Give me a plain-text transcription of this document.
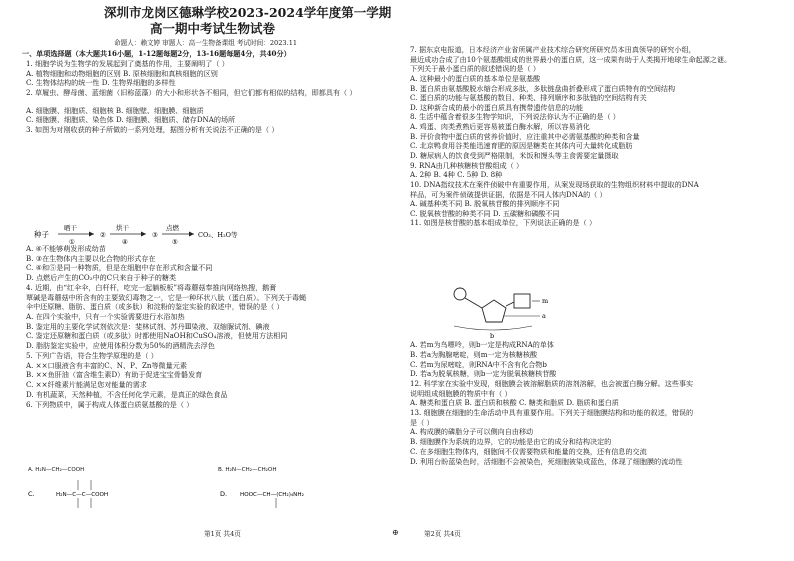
深圳市龙岗区德琳学校2023-2024学年度第一学期
高一期中考试生物试卷
命题人：赖文婷 审题人：高一生物备课组 考试时间：2023.11
一、单项选择题（本大题共16小题，1-12题每题2分，13-16题每题4分，共40分）
1. 细胞学说为生物学的发展起到了奠基的作用，主要阐明了（ ）
A. 植物细胞和动物细胞的区别 B. 原核细胞和真核细胞的区别
C. 生物体结构的统一性 D. 生物界细胞的多样性
2. 草履虫、酵母菌、蓝细菌（旧称蓝藻）的大小和形状各不相同，但它们都有相似的结构，即都具有（ ）
A. 细胞膜、细胞质、细胞核 B. 细胞壁、细胞膜、细胞质
C. 细胞膜、细胞质、染色体 D. 细胞膜、细胞质、储存DNA的场所
3. 如图为对刚收获的种子所做的一系列处理，据图分析有关说法不正确的是（ ）
A. ④不能够萌发形成幼苗
B. ③在生物体内主要以化合物的形式存在
C. ④和⑤是同一种物质，但是在细胞中存在形式和含量不同
D. 点燃后产生的CO₂中的C只来自于种子的糖类
4. 近期，由“红伞伞，白杆杆，吃完一起躺板板”将毒蘑菇奉推向网络热搜，鹅膏
覃碱是毒蘑菇中所含有的主要致幻毒物之一，它是一种环状八肽（蛋白质）。下列关于毒蝇
伞中还原糖、脂肪、蛋白质（或多肽）和淀粉的鉴定实验的叙述中，错误的是（ ）
A. 在四个实验中，只有一个实验需要进行水浴加热
B. 鉴定用的主要化学试剂依次是：斐林试剂、苏丹Ⅲ染液、双缩脲试剂、碘液
C. 鉴定还原糖和蛋白质（或多肽）时都使用NaOH和CuSO₄溶液，但使用方法相同
D. 脂肪鉴定实验中，应使用体积分数为50%的酒精洗去浮色
5. 下列广告语，符合生物学原理的是（ ）
A. ××口服液含有丰富的C、N、P、Zn等微量元素
B. ××鱼肝油（富含维生素D）有助于促进宝宝骨骼发育
C. ××纤维素片能满足您对能量的需求
D. 有机蔬菜，天然种植，不含任何化学元素，是真正的绿色食品
6. 下列物质中，属于构成人体蛋白质氨基酸的是（ ）
种子
晒干
①
②
烘干
④
③
点燃
⑤
CO₂、H₂O等
A. H₂N—CH₂—COOH	B. H₂N—CH₂—CH₂OH
C.	H₂N—C—C—COOH	D. HOOC—CH—(CH₂)₄NH₂
第1页 共4页	⊕
7. 据东京电报道，日本经济产业省所属产业技术综合研究所研究员本田真领导的研究小组，
最近成功合成了由10个氨基酸组成的世界最小的蛋白质，这一成果有助于人类揭开地球生命起源之谜。
下列关于最小蛋白质的叙述错误的是（ ）
A. 这种最小的蛋白质的基本单位是氨基酸
B. 蛋白质由氨基酸脱水缩合形成多肽，多肽链盘曲折叠形成了蛋白质特有的空间结构
C. 蛋白质的功能与氨基酸的数目、种类、排列顺序和多肽链的空间结构有关
D. 这种新合成的最小的蛋白质具有携带遗传信息的功能
8. 生活中蕴含着很多生物学知识，下列说法你认为不正确的是（ ）
A. 鸡蛋、肉类煮熟后更容易被蛋白酶水解，所以容易消化
B. 评价食物中蛋白质的营养价值时，应注重其中必需氨基酸的种类和含量
C. 北京鸭食用谷类能迅速育肥的原因是糖类在其体内可大量转化成脂肪
D. 糖尿病人的饮食受到严格限制，米饭和馒头等主食需要定量摄取
9. RNA由几种核糖核苷酸组成（ ）
A. 2种 B. 4种 C. 5种 D. 8种
10. DNA指纹技术在案件侦破中有重要作用，从案发现场获取的生物组织材料中提取的DNA
样品，可为案件侦破提供证据，依据是不同人体内DNA的（ ）
A. 碱基种类不同 B. 脱氧核苷酸的排列顺序不同
C. 脱氧核苷酸的种类不同 D. 五碳糖和磷酸不同
11. 如图是核苷酸的基本组成单位，下列说法正确的是（ ）
A. 若m为鸟嘌呤，则b一定是构成RNA的单体
B. 若a为胸腺嘧啶，则m一定为核糖核酸
C. 若m为尿嘧啶，则RNA中不含有化合物b
D. 若a为脱氧核糖，则b一定为脱氧核糖核苷酸
12. 科学家在实验中发现，细胞膜会被溶解脂质的溶剂溶解，也会被蛋白酶分解。这些事实
说明组成细胞膜的物质中有（ ）
A. 糖类和蛋白质 B. 蛋白质和核酸 C. 糖类和脂质 D. 脂质和蛋白质
13. 细胞膜在细胞的生命活动中具有重要作用。下列关于细胞膜结构和功能的叙述，错误的
是（ ）
A. 构成膜的磷脂分子可以侧向自由移动
B. 细胞膜作为系统的边界，它的功能是由它的成分和结构决定的
C. 在多细胞生物体内，细胞间不仅需要物质和能量的交换，还有信息的交流
D. 利用台盼蓝染色时，活细胞不会被染色，死细胞被染成蓝色，体现了细胞膜的流动性
m
a
b
第2页 共4页
